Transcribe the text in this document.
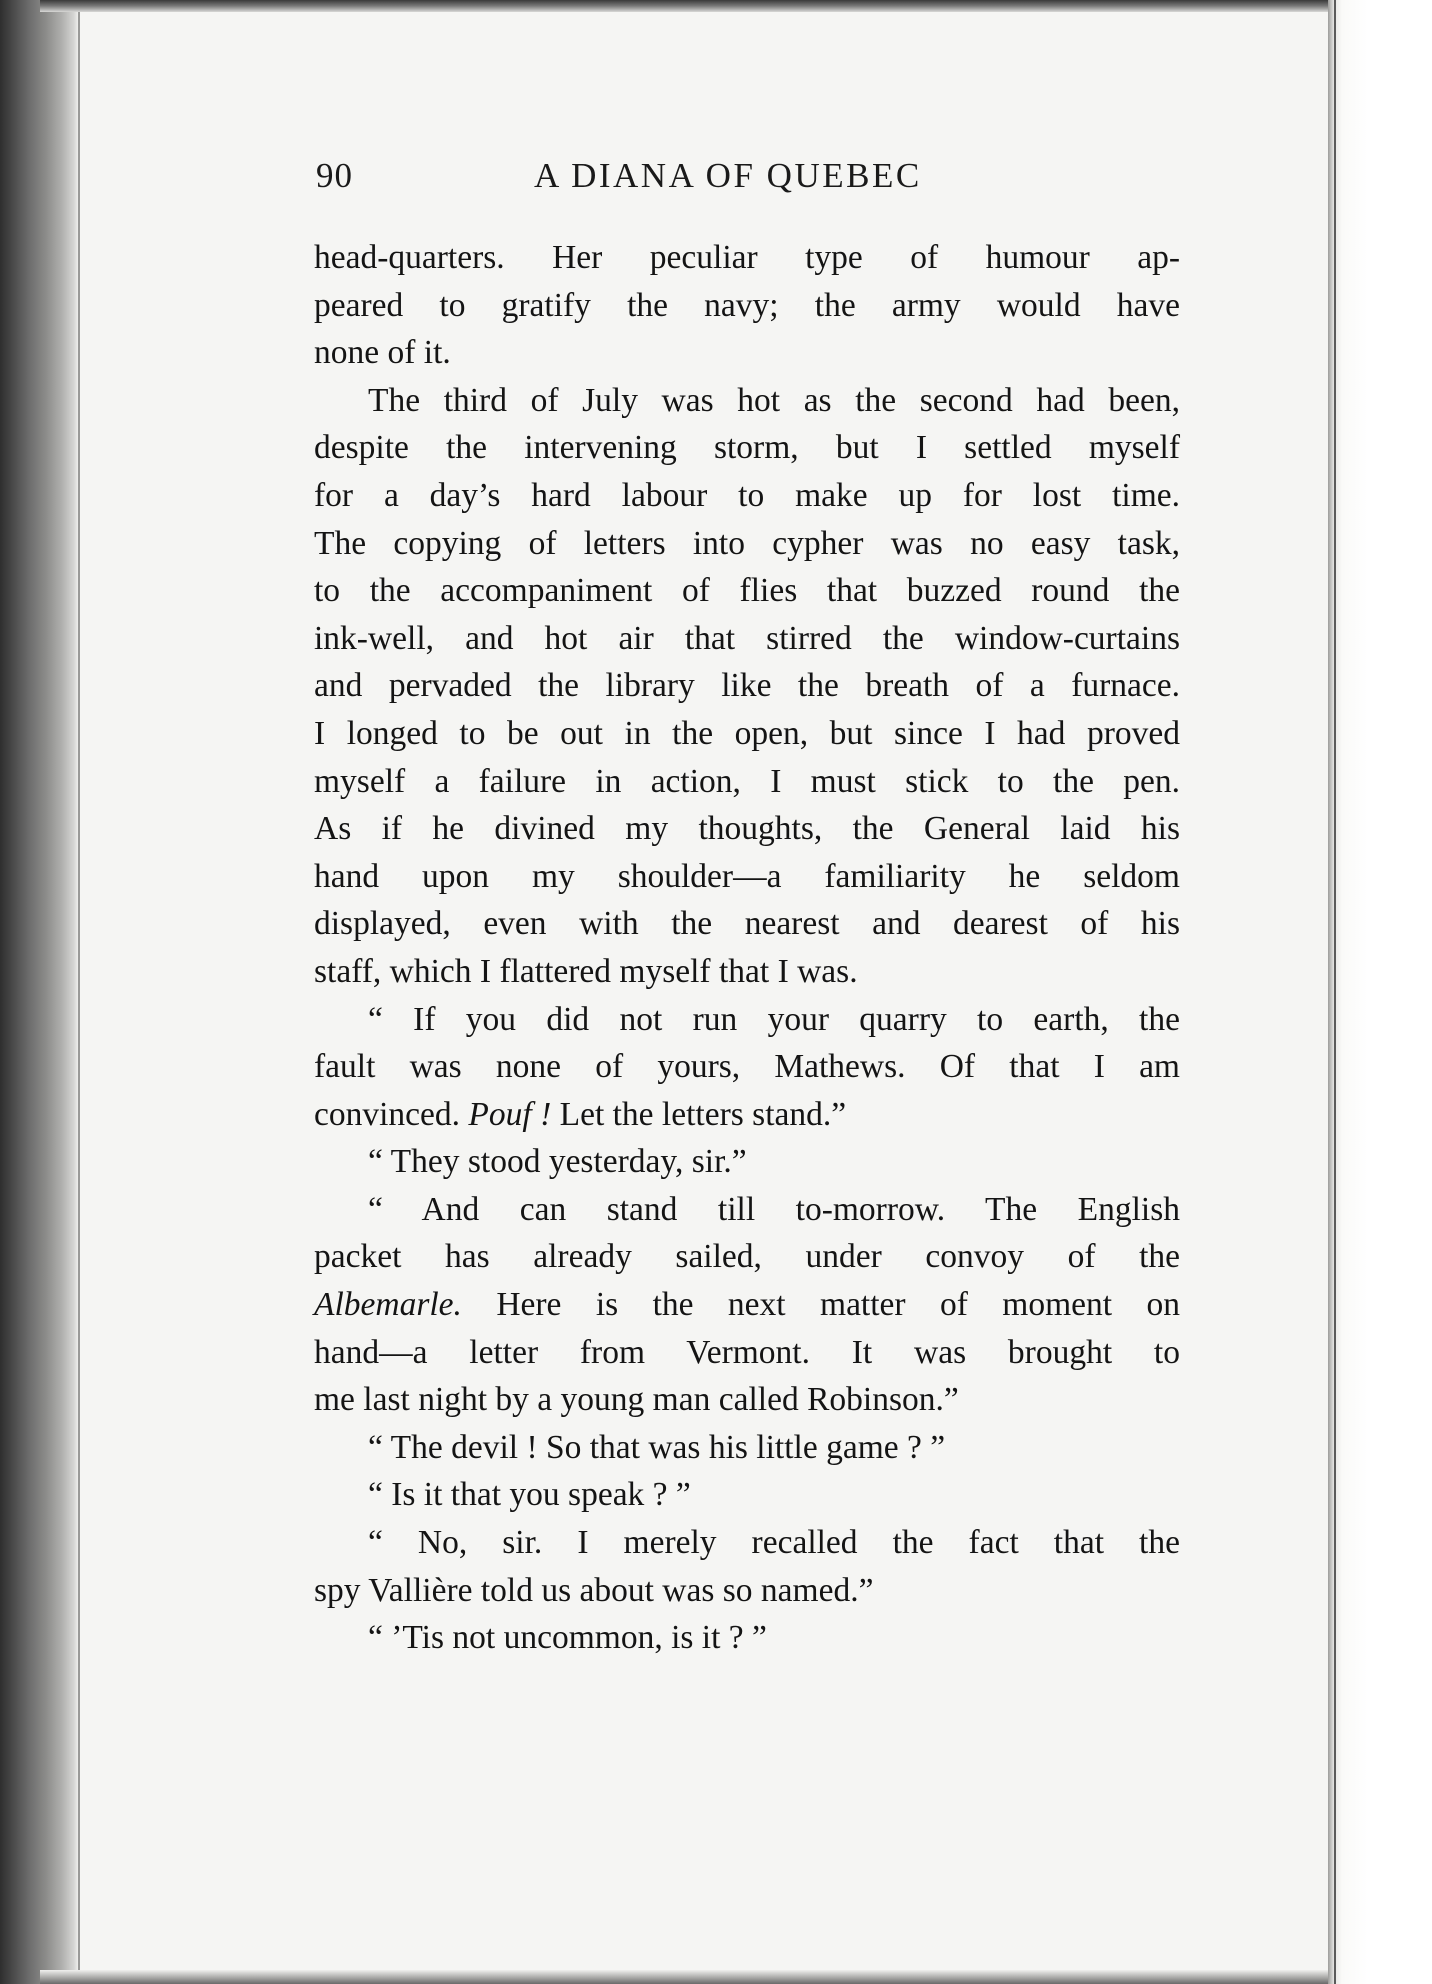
90	A DIANA OF QUEBEC
head-quarters. Her peculiar type of humour ap-
peared to gratify the navy; the army would have
none of it.
The third of July was hot as the second had been,
despite the intervening storm, but I settled myself
for a day’s hard labour to make up for lost time.
The copying of letters into cypher was no easy task,
to the accompaniment of flies that buzzed round the
ink-well, and hot air that stirred the window-curtains
and pervaded the library like the breath of a furnace.
I longed to be out in the open, but since I had proved
myself a failure in action, I must stick to the pen.
As if he divined my thoughts, the General laid his
hand upon my shoulder—a familiarity he seldom
displayed, even with the nearest and dearest of his
staff, which I flattered myself that I was.
“ If you did not run your quarry to earth, the
fault was none of yours, Mathews. Of that I am
convinced. Pouf ! Let the letters stand.”
“ They stood yesterday, sir.”
“ And can stand till to-morrow. The English
packet has already sailed, under convoy of the
Albemarle. Here is the next matter of moment on
hand—a letter from Vermont. It was brought to
me last night by a young man called Robinson.”
“ The devil ! So that was his little game ? ”
“ Is it that you speak ? ”
“ No, sir. I merely recalled the fact that the
spy Vallière told us about was so named.”
“ ’Tis not uncommon, is it ? ”
